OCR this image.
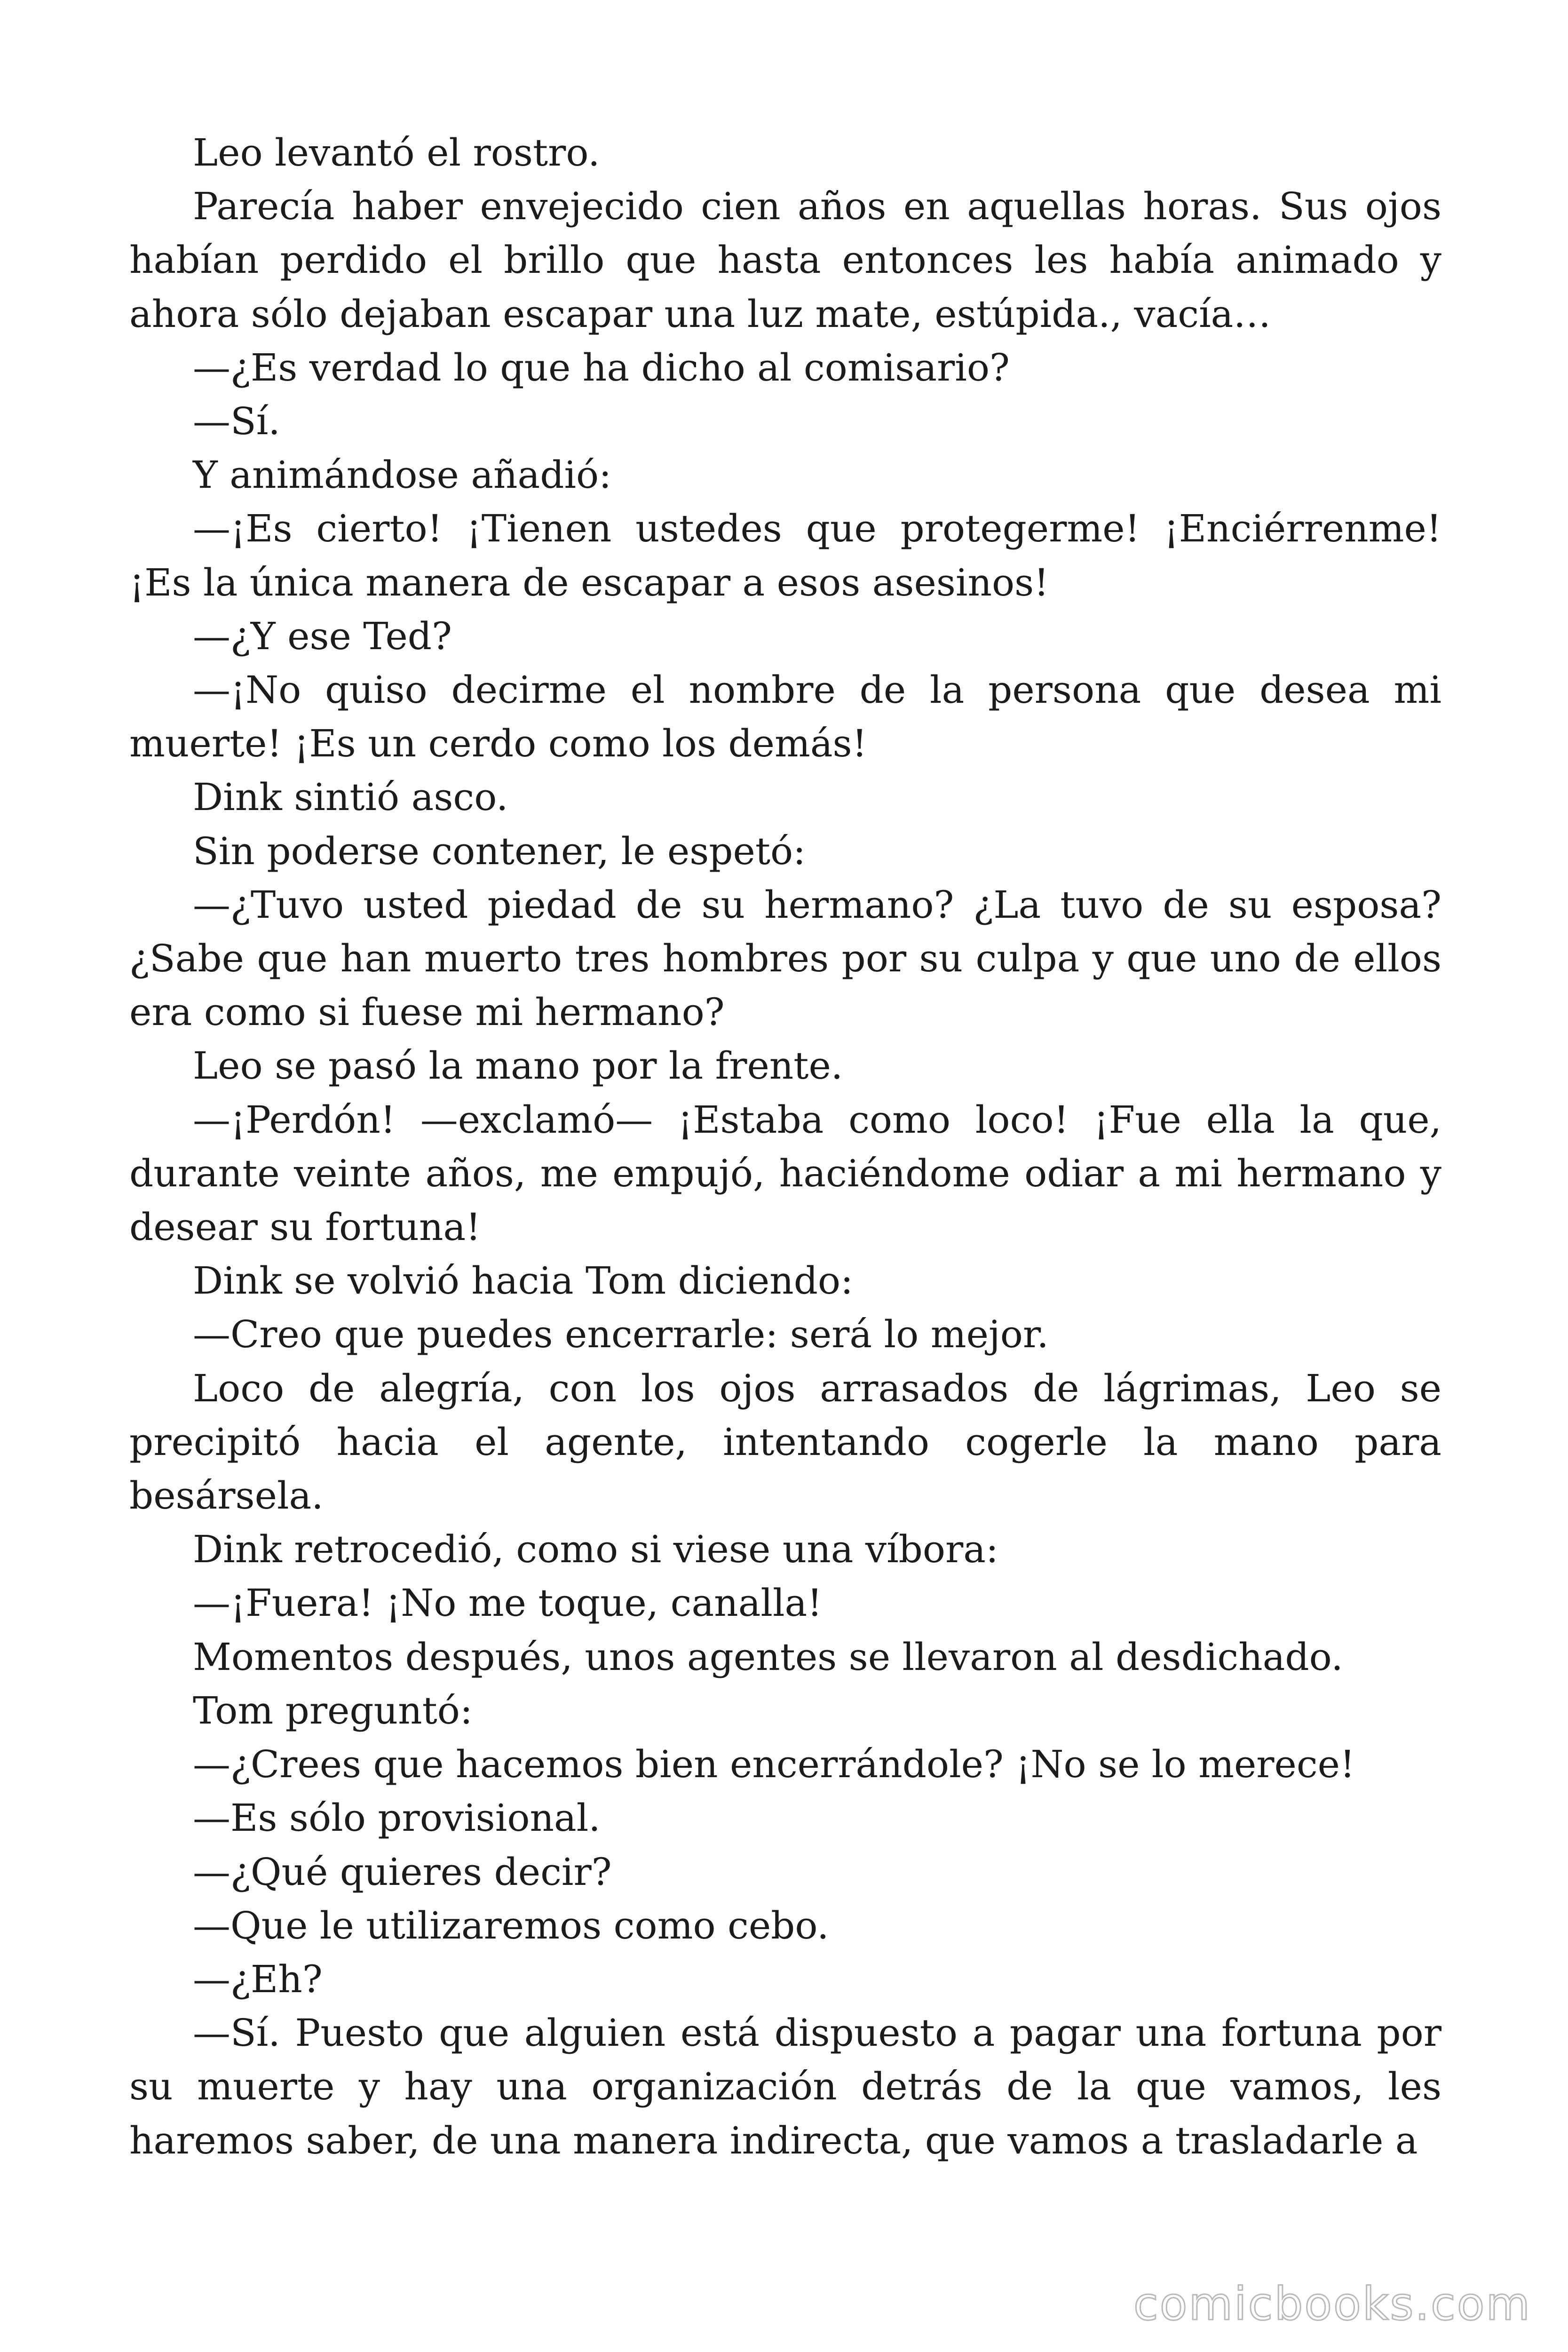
Leo levantó el rostro.

Parecía haber envejecido cien años en aquellas horas. Sus ojos habían perdido el brillo que hasta entonces les había animado y ahora sólo dejaban escapar una luz mate, estúpida., vacía…

—¿Es verdad lo que ha dicho al comisario?

—Sí.

Y animándose añadió:

—¡Es cierto! ¡Tienen ustedes que protegerme! ¡Enciérrenme! ¡Es la única manera de escapar a esos asesinos!

—¿Y ese Ted?

—¡No quiso decirme el nombre de la persona que desea mi muerte! ¡Es un cerdo como los demás!

Dink sintió asco.

Sin poderse contener, le espetó:

—¿Tuvo usted piedad de su hermano? ¿La tuvo de su esposa? ¿Sabe que han muerto tres hombres por su culpa y que uno de ellos era como si fuese mi hermano?

Leo se pasó la mano por la frente.

—¡Perdón! —exclamó— ¡Estaba como loco! ¡Fue ella la que, durante veinte años, me empujó, haciéndome odiar a mi hermano y desear su fortuna!

Dink se volvió hacia Tom diciendo:

—Creo que puedes encerrarle: será lo mejor.

Loco de alegría, con los ojos arrasados de lágrimas, Leo se precipitó hacia el agente, intentando cogerle la mano para besársela.

Dink retrocedió, como si viese una víbora:

—¡Fuera! ¡No me toque, canalla!

Momentos después, unos agentes se llevaron al desdichado.

Tom preguntó:

—¿Crees que hacemos bien encerrándole? ¡No se lo merece!

—Es sólo provisional.

—¿Qué quieres decir?

—Que le utilizaremos como cebo.

—¿Eh?

—Sí. Puesto que alguien está dispuesto a pagar una fortuna por su muerte y hay una organización detrás de la que vamos, les haremos saber, de una manera indirecta, que vamos a trasladarle a

comicbooks.com
